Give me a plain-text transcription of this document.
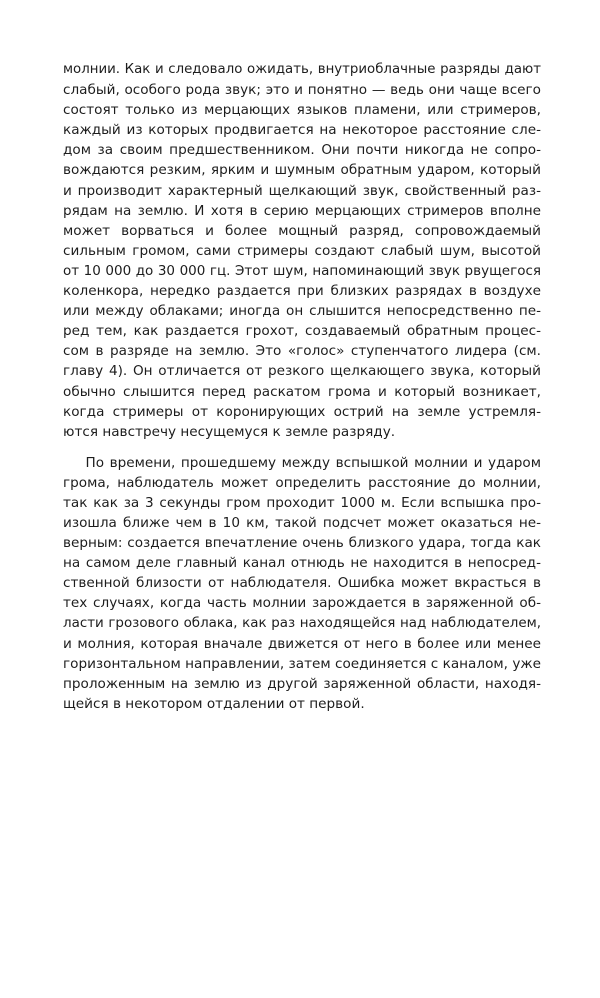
молнии. Как и следовало ожидать, внутриоблачные разряды дают
слабый, особого рода звук; это и понятно — ведь они чаще всего
состоят только из мерцающих языков пламени, или стримеров,
каждый из которых продвигается на некоторое расстояние сле-
дом за своим предшественником. Они почти никогда не сопро-
вождаются резким, ярким и шумным обратным ударом, который
и производит характерный щелкающий звук, свойственный раз-
рядам на землю. И хотя в серию мерцающих стримеров вполне
может ворваться и более мощный разряд, сопровождаемый
сильным громом, сами стримеры создают слабый шум, высотой
от 10 000 до 30 000 гц. Этот шум, напоминающий звук рвущегося
коленкора, нередко раздается при близких разрядах в воздухе
или между облаками; иногда он слышится непосредственно пе-
ред тем, как раздается грохот, создаваемый обратным процес-
сом в разряде на землю. Это «голос» ступенчатого лидера (см.
главу 4). Он отличается от резкого щелкающего звука, который
обычно слышится перед раскатом грома и который возникает,
когда стримеры от коронирующих острий на земле устремля-
ются навстречу несущемуся к земле разряду.
По времени, прошедшему между вспышкой молнии и ударом
грома, наблюдатель может определить расстояние до молнии,
так как за 3 секунды гром проходит 1000 м. Если вспышка про-
изошла ближе чем в 10 км, такой подсчет может оказаться не-
верным: создается впечатление очень близкого удара, тогда как
на самом деле главный канал отнюдь не находится в непосред-
ственной близости от наблюдателя. Ошибка может вкрасться в
тех случаях, когда часть молнии зарождается в заряженной об-
ласти грозового облака, как раз находящейся над наблюдателем,
и молния, которая вначале движется от него в более или менее
горизонтальном направлении, затем соединяется с каналом, уже
проложенным на землю из другой заряженной области, находя-
щейся в некотором отдалении от первой.
